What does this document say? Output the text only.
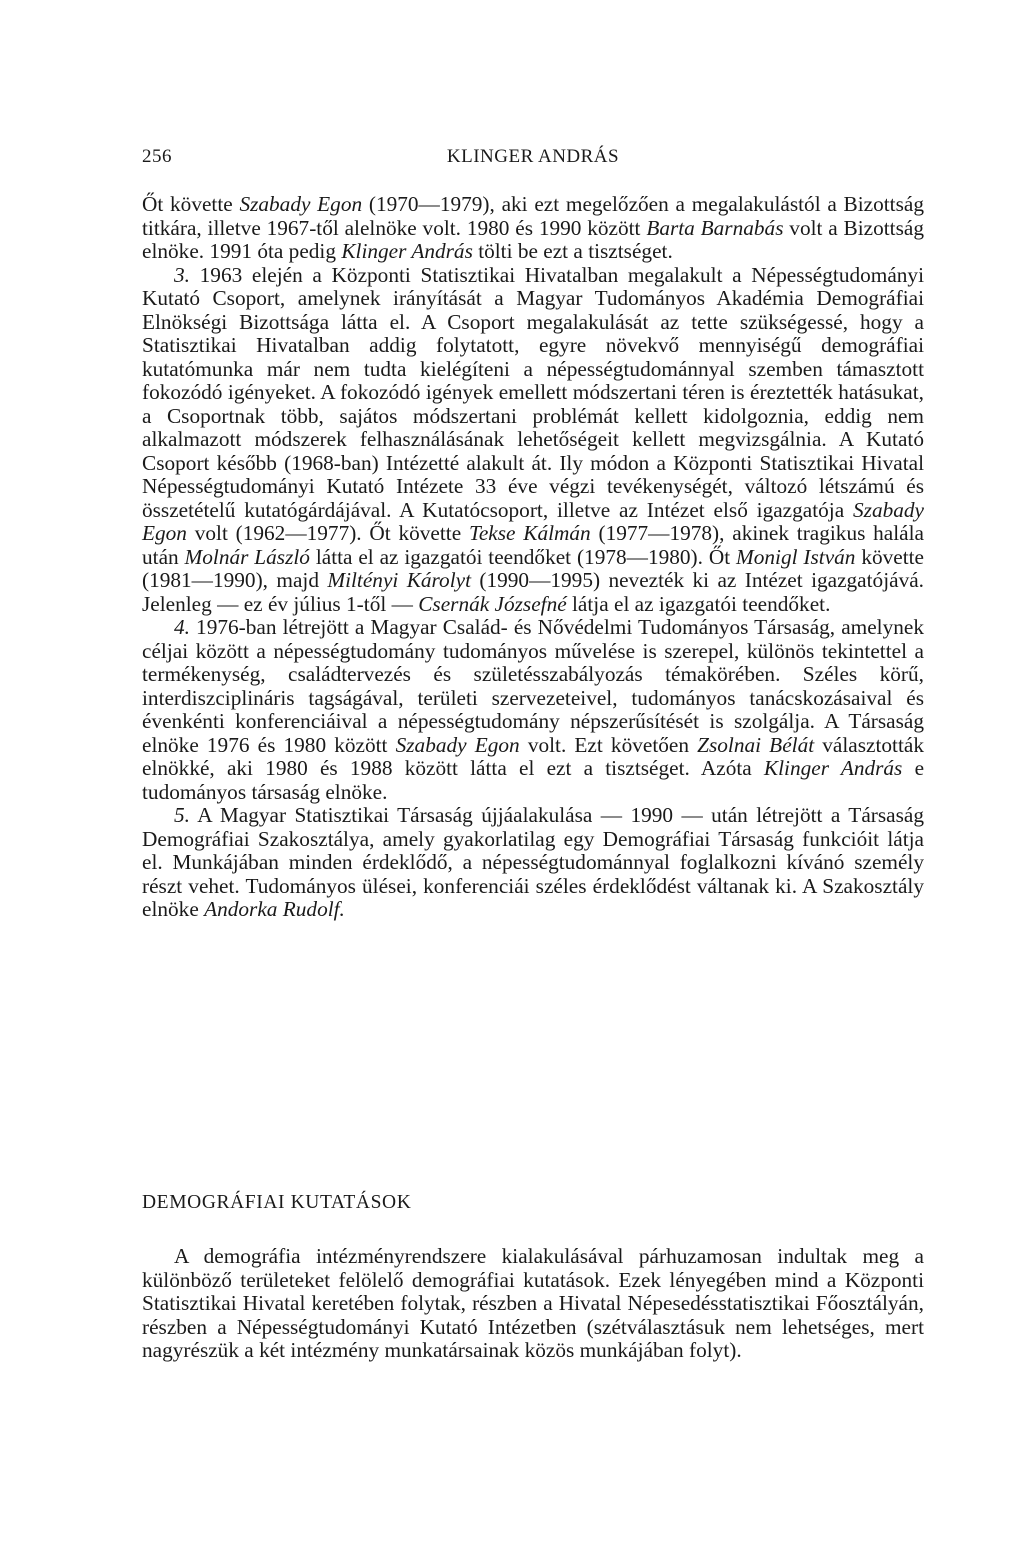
256	KLINGER ANDRÁS

Őt követte Szabady Egon (1970—1979), aki ezt megelőzően a megalakulástól a Bizottság titkára, illetve 1967-től alelnöke volt. 1980 és 1990 között Barta Barnabás volt a Bizottság elnöke. 1991 óta pedig Klinger András tölti be ezt a tisztséget.

3. 1963 elején a Központi Statisztikai Hivatalban megalakult a Népességtudományi Kutató Csoport, amelynek irányítását a Magyar Tudományos Akadémia Demográfiai Elnökségi Bizottsága látta el. A Csoport megalakulását az tette szükségessé, hogy a Statisztikai Hivatalban addig folytatott, egyre növekvő mennyiségű demográfiai kutatómunka már nem tudta kielégíteni a népességtudománnyal szemben támasztott fokozódó igényeket. A fokozódó igények emellett módszertani téren is éreztették hatásukat, a Csoportnak több, sajátos módszertani problémát kellett kidolgoznia, eddig nem alkalmazott módszerek felhasználásának lehetőségeit kellett megvizsgálnia. A Kutató Csoport később (1968-ban) Intézetté alakult át. Ily módon a Központi Statisztikai Hivatal Népességtudományi Kutató Intézete 33 éve végzi tevékenységét, változó létszámú és összetételű kutatógárdájával. A Kutatócsoport, illetve az Intézet első igazgatója Szabady Egon volt (1962—1977). Őt követte Tekse Kálmán (1977—1978), akinek tragikus halála után Molnár László látta el az igazgatói teendőket (1978—1980). Őt Monigl István követte (1981—1990), majd Miltényi Károlyt (1990—1995) nevezték ki az Intézet igazgatójává. Jelenleg — ez év július 1-től — Csernák Józsefné látja el az igazgatói teendőket.

4. 1976-ban létrejött a Magyar Család- és Nővédelmi Tudományos Társaság, amelynek céljai között a népességtudomány tudományos művelése is szerepel, különös tekintettel a termékenység, családtervezés és születésszabályozás témakörében. Széles körű, interdiszciplináris tagságával, területi szervezeteivel, tudományos tanácskozásaival és évenkénti konferenciáival a népességtudomány népszerűsítését is szolgálja. A Társaság elnöke 1976 és 1980 között Szabady Egon volt. Ezt követően Zsolnai Bélát választották elnökké, aki 1980 és 1988 között látta el ezt a tisztséget. Azóta Klinger András e tudományos társaság elnöke.

5. A Magyar Statisztikai Társaság újjáalakulása — 1990 — után létrejött a Társaság Demográfiai Szakosztálya, amely gyakorlatilag egy Demográfiai Társaság funkcióit látja el. Munkájában minden érdeklődő, a népességtudománnyal foglalkozni kívánó személy részt vehet. Tudományos ülései, konferenciái széles érdeklődést váltanak ki. A Szakosztály elnöke Andorka Rudolf.

DEMOGRÁFIAI KUTATÁSOK

A demográfia intézményrendszere kialakulásával párhuzamosan indultak meg a különböző területeket felölelő demográfiai kutatások. Ezek lényegében mind a Központi Statisztikai Hivatal keretében folytak, részben a Hivatal Népesedésstatisztikai Főosztályán, részben a Népességtudományi Kutató Intézetben (szétválasztásuk nem lehetséges, mert nagyrészük a két intézmény munkatársainak közös munkájában folyt).
